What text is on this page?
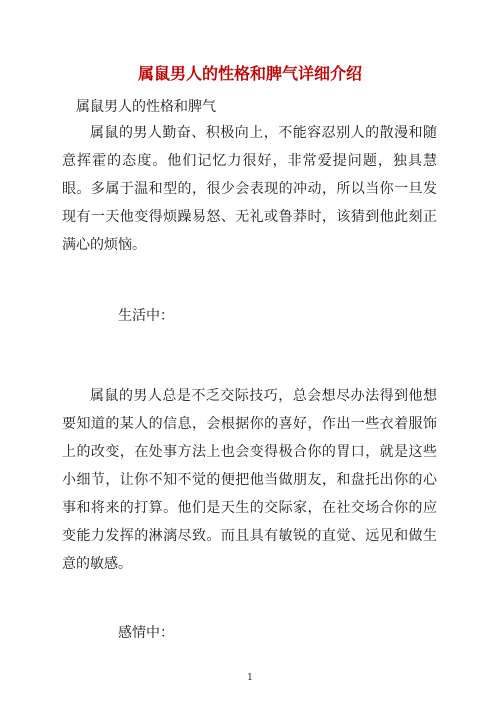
属鼠男人的性格和脾气详细介绍
属鼠男人的性格和脾气

属鼠的男人勤奋、积极向上，不能容忍别人的散漫和随意挥霍的态度。他们记忆力很好，非常爱提问题，独具慧眼。多属于温和型的，很少会表现的冲动，所以当你一旦发现有一天他变得烦躁易怒、无礼或鲁莽时，该猜到他此刻正满心的烦恼。

生活中：

属鼠的男人总是不乏交际技巧，总会想尽办法得到他想要知道的某人的信息，会根据你的喜好，作出一些衣着服饰上的改变，在处事方法上也会变得极合你的胃口，就是这些小细节，让你不知不觉的便把他当做朋友，和盘托出你的心事和将来的打算。他们是天生的交际家，在社交场合你的应变能力发挥的淋漓尽致。而且具有敏锐的直觉、远见和做生意的敏感。

感情中：
1
